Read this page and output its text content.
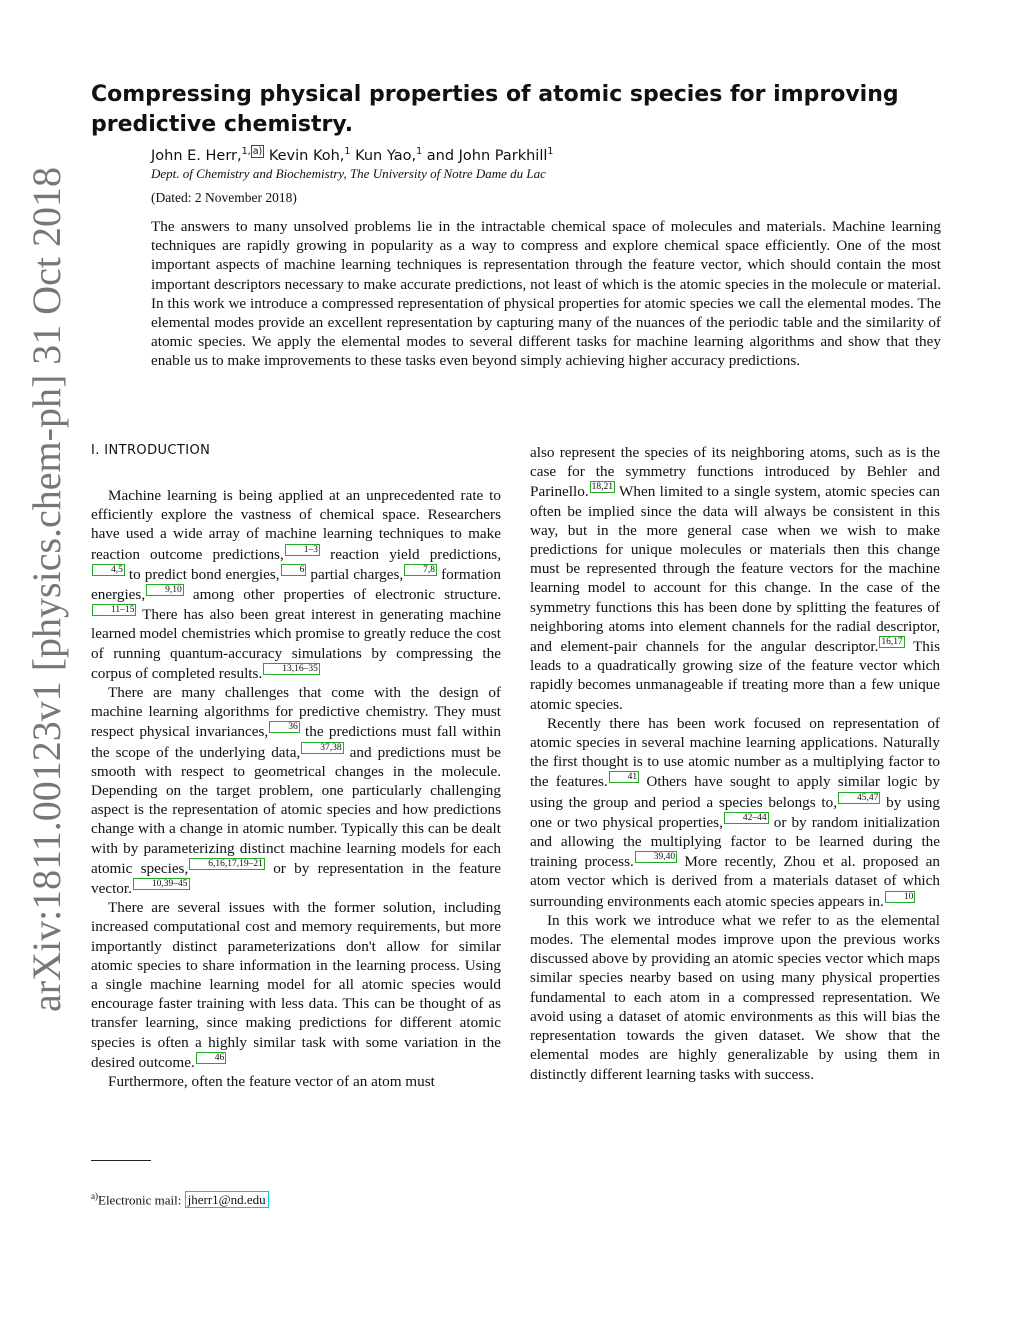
arXiv:1811.00123v1 [physics.chem-ph] 31 Oct 2018
Compressing physical properties of atomic species for improving predictive chemistry.
John E. Herr,$^{1,}$ $^{a)}$ Kevin Koh,$^1$ Kun Yao,$^1$ and John Parkhill$^1$
Dept. of Chemistry and Biochemistry, The University of Notre Dame du Lac
(Dated: 2 November 2018)

The answers to many unsolved problems lie in the intractable chemical space of molecules and materials. Machine learning techniques are rapidly growing in popularity as a way to compress and explore chemical space efficiently. One of the most important aspects of machine learning techniques is representation through the feature vector, which should contain the most important descriptors necessary to make accurate predictions, not least of which is the atomic species in the molecule or material. In this work we introduce a compressed representation of physical properties for atomic species we call the elemental modes. The elemental modes provide an excellent representation by capturing many of the nuances of the periodic table and the similarity of atomic species. We apply the elemental modes to several different tasks for machine learning algorithms and show that they enable us to make improvements to these tasks even beyond simply achieving higher accuracy predictions.

I. INTRODUCTION

Machine learning is being applied at an unprecedented rate to efficiently explore the vastness of chemical space. Researchers have used a wide array of machine learning techniques to make reaction outcome predictions, 1–3 reaction yield predictions,4,5 to predict bond energies, 6 partial charges, 7,8 formation energies, 9,10 among other properties of electronic structure.11–15 There has also been great interest in generating machine learned model chemistries which promise to greatly reduce the cost of running quantum-accuracy simulations by compressing the corpus of completed results. 13,16–35

There are many challenges that come with the design of machine learning algorithms for predictive chemistry. They must respect physical invariances, 36 the predictions must fall within the scope of the underlying data, 37,38 and predictions must be smooth with respect to geometrical changes in the molecule. Depending on the target problem, one particularly challenging aspect is the representation of atomic species and how predictions change with a change in atomic number. Typically this can be dealt with by parameterizing distinct machine learning models for each atomic species, 6,16,17,19–21 or by representation in the feature vector. 10,39–45

There are several issues with the former solution, including increased computational cost and memory requirements, but more importantly distinct parameterizations don't allow for similar atomic species to share information in the learning process. Using a single machine learning model for all atomic species would encourage faster training with less data. This can be thought of as transfer learning, since making predictions for different atomic species is often a highly similar task with some variation in the desired outcome. 46

Furthermore, often the feature vector of an atom must

also represent the species of its neighboring atoms, such as is the case for the symmetry functions introduced by Behler and Parinello. 18,21 When limited to a single system, atomic species can often be implied since the data will always be consistent in this way, but in the more general case when we wish to make predictions for unique molecules or materials then this change must be represented through the feature vectors for the machine learning model to account for this change. In the case of the symmetry functions this has been done by splitting the features of neighboring atoms into element channels for the radial descriptor, and element-pair channels for the angular descriptor. 16,17 This leads to a quadratically growing size of the feature vector which rapidly becomes unmanageable if treating more than a few unique atomic species.

Recently there has been work focused on representation of atomic species in several machine learning applications. Naturally the first thought is to use atomic number as a multiplying factor to the features. 41 Others have sought to apply similar logic by using the group and period a species belongs to, 45,47 by using one or two physical properties, 42–44 or by random initialization and allowing the multiplying factor to be learned during the training process. 39,40 More recently, Zhou et al. proposed an atom vector which is derived from a materials dataset of which surrounding environments each atomic species appears in. 10

In this work we introduce what we refer to as the elemental modes. The elemental modes improve upon the previous works discussed above by providing an atomic species vector which maps similar species nearby based on using many physical properties fundamental to each atom in a compressed representation. We avoid using a dataset of atomic environments as this will bias the representation towards the given dataset. We show that the elemental modes are highly generalizable by using them in distinctly different learning tasks with success.

$^{a)}$Electronic mail: jherr1@nd.edu
